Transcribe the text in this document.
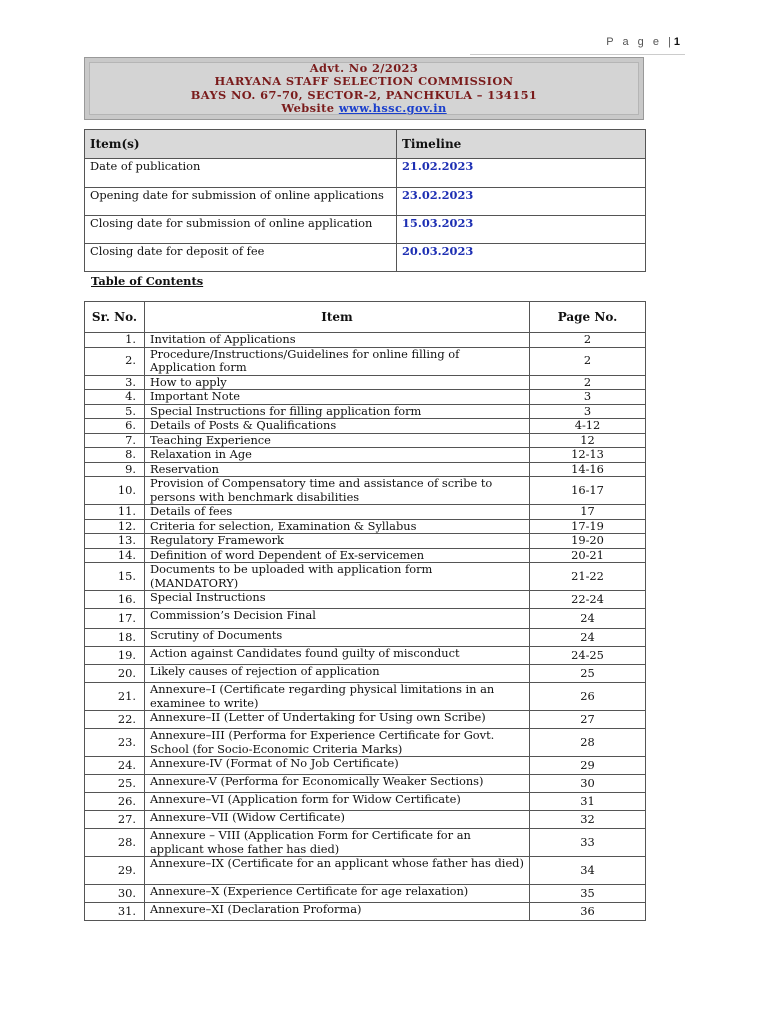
P a g e |1
Advt. No 2/2023
HARYANA STAFF SELECTION COMMISSION
BAYS NO. 67-70, SECTOR-2, PANCHKULA – 134151
Website www.hssc.gov.in
Item(s)	Timeline
Date of publication	21.02.2023
Opening date for submission of online applications	23.02.2023
Closing date for submission of online application	15.03.2023
Closing date for deposit of fee	20.03.2023
Table of Contents
Sr. No.	Item	Page No.
1.	Invitation of Applications	2
2.	Procedure/Instructions/Guidelines for online filling of Application form	2
3.	How to apply	2
4.	Important Note	3
5.	Special Instructions for filling application form	3
6.	Details of Posts & Qualifications	4-12
7.	Teaching Experience	12
8.	Relaxation in Age	12-13
9.	Reservation	14-16
10.	Provision of Compensatory time and assistance of scribe to persons with benchmark disabilities	16-17
11.	Details of fees	17
12.	Criteria for selection, Examination & Syllabus	17-19
13.	Regulatory Framework	19-20
14.	Definition of word Dependent of Ex-servicemen	20-21
15.	Documents to be uploaded with application form (MANDATORY)	21-22
16.	Special Instructions	22-24
17.	Commission’s Decision Final	24
18.	Scrutiny of Documents	24
19.	Action against Candidates found guilty of misconduct	24-25
20.	Likely causes of rejection of application	25
21.	Annexure–I (Certificate regarding physical limitations in an examinee to write)	26
22.	Annexure–II (Letter of Undertaking for Using own Scribe)	27
23.	Annexure–III (Performa for Experience Certificate for Govt. School (for Socio-Economic Criteria Marks)	28
24.	Annexure-IV (Format of No Job Certificate)	29
25.	Annexure-V (Performa for Economically Weaker Sections)	30
26.	Annexure–VI (Application form for Widow Certificate)	31
27.	Annexure–VII (Widow Certificate)	32
28.	Annexure – VIII (Application Form for Certificate for an applicant whose father has died)	33
29.	Annexure–IX (Certificate for an applicant whose father has died)	34
30.	Annexure–X (Experience Certificate for age relaxation)	35
31.	Annexure–XI (Declaration Proforma)	36
